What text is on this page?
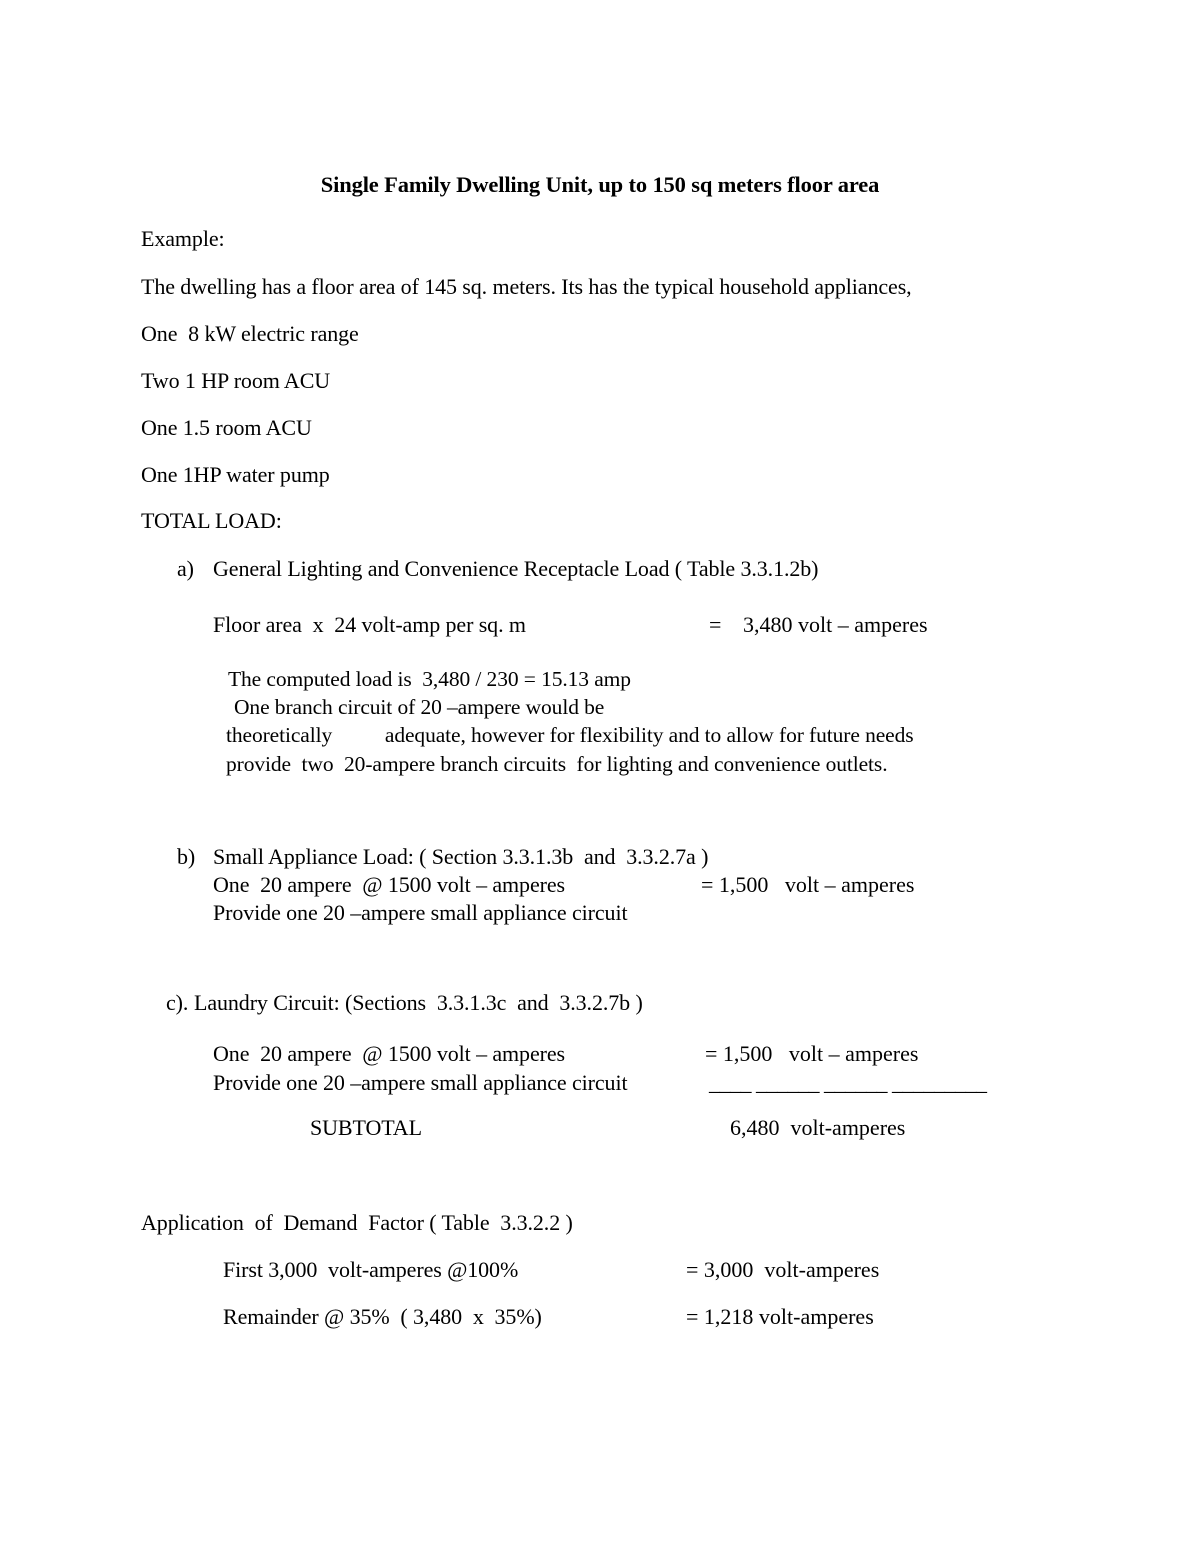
Single Family Dwelling Unit, up to 150 sq meters floor area
Example:
The dwelling has a floor area of 145 sq. meters. Its has the typical household appliances,
One  8 kW electric range
Two 1 HP room ACU
One 1.5 room ACU
One 1HP water pump
TOTAL LOAD:
a) General Lighting and Convenience Receptacle Load ( Table 3.3.1.2b)
Floor area  x  24 volt-amp per sq. m	= 3,480 volt – amperes
The computed load is  3,480 / 230 = 15.13 amp
One branch circuit of 20 –ampere would be
theoretically          adequate, however for flexibility and to allow for future needs
provide  two  20-ampere branch circuits  for lighting and convenience outlets.
b) Small Appliance Load: ( Section 3.3.1.3b  and  3.3.2.7a )
One  20 ampere  @ 1500 volt – amperes	= 1,500   volt – amperes
Provide one 20 –ampere small appliance circuit
c). Laundry Circuit: (Sections  3.3.1.3c  and  3.3.2.7b )
One  20 ampere  @ 1500 volt – amperes	= 1,500   volt – amperes
Provide one 20 –ampere small appliance circuit	____ ______ ______ _________
SUBTOTAL	6,480  volt-amperes
Application  of  Demand  Factor ( Table  3.3.2.2 )
First 3,000  volt-amperes @100%	= 3,000  volt-amperes
Remainder @ 35%  ( 3,480  x  35%)	= 1,218 volt-amperes
